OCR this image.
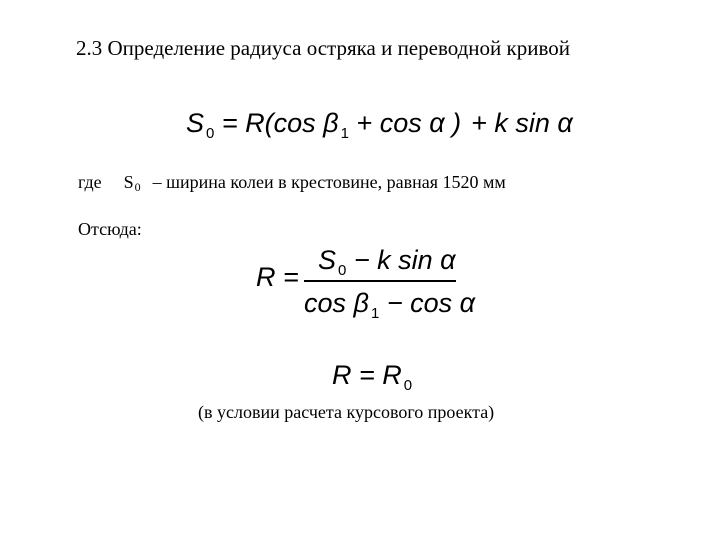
2.3 Определение радиуса остряка и переводной кривой
S $_0$ = R(cos β $_1$ + cos α ) + k sin α
где S0 – ширина колеи в крестовине, равная 1520 мм
Отсюда:
R =
S $_0$ − k sin α
cos β $_1$ − cos α
R = R $_0$
(в условии расчета курсового проекта)
